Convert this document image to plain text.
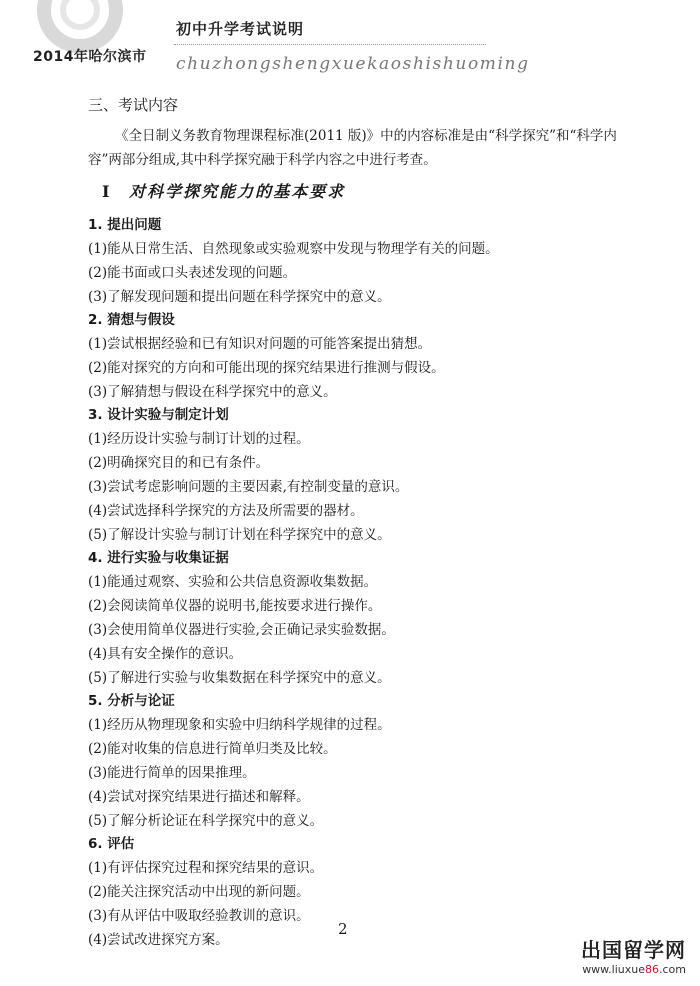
2014年哈尔滨市
初中升学考试说明
chuzhongshengxuekaoshishuoming
三、考试内容

《全日制义务教育物理课程标准(2011 版)》中的内容标准是由“科学探究”和“科学内容”两部分组成,其中科学探究融于科学内容之中进行考查。

Ⅰ 对科学探究能力的基本要求
1. 提出问题
(1)能从日常生活、自然现象或实验观察中发现与物理学有关的问题。
(2)能书面或口头表述发现的问题。
(3)了解发现问题和提出问题在科学探究中的意义。
2. 猜想与假设
(1)尝试根据经验和已有知识对问题的可能答案提出猜想。
(2)能对探究的方向和可能出现的探究结果进行推测与假设。
(3)了解猜想与假设在科学探究中的意义。
3. 设计实验与制定计划
(1)经历设计实验与制订计划的过程。
(2)明确探究目的和已有条件。
(3)尝试考虑影响问题的主要因素,有控制变量的意识。
(4)尝试选择科学探究的方法及所需要的器材。
(5)了解设计实验与制订计划在科学探究中的意义。
4. 进行实验与收集证据
(1)能通过观察、实验和公共信息资源收集数据。
(2)会阅读简单仪器的说明书,能按要求进行操作。
(3)会使用简单仪器进行实验,会正确记录实验数据。
(4)具有安全操作的意识。
(5)了解进行实验与收集数据在科学探究中的意义。
5. 分析与论证
(1)经历从物理现象和实验中归纳科学规律的过程。
(2)能对收集的信息进行简单归类及比较。
(3)能进行简单的因果推理。
(4)尝试对探究结果进行描述和解释。
(5)了解分析论证在科学探究中的意义。
6. 评估
(1)有评估探究过程和探究结果的意识。
(2)能关注探究活动中出现的新问题。
(3)有从评估中吸取经验教训的意识。
(4)尝试改进探究方案。
2
出国留学网
www.liuxue86.com
